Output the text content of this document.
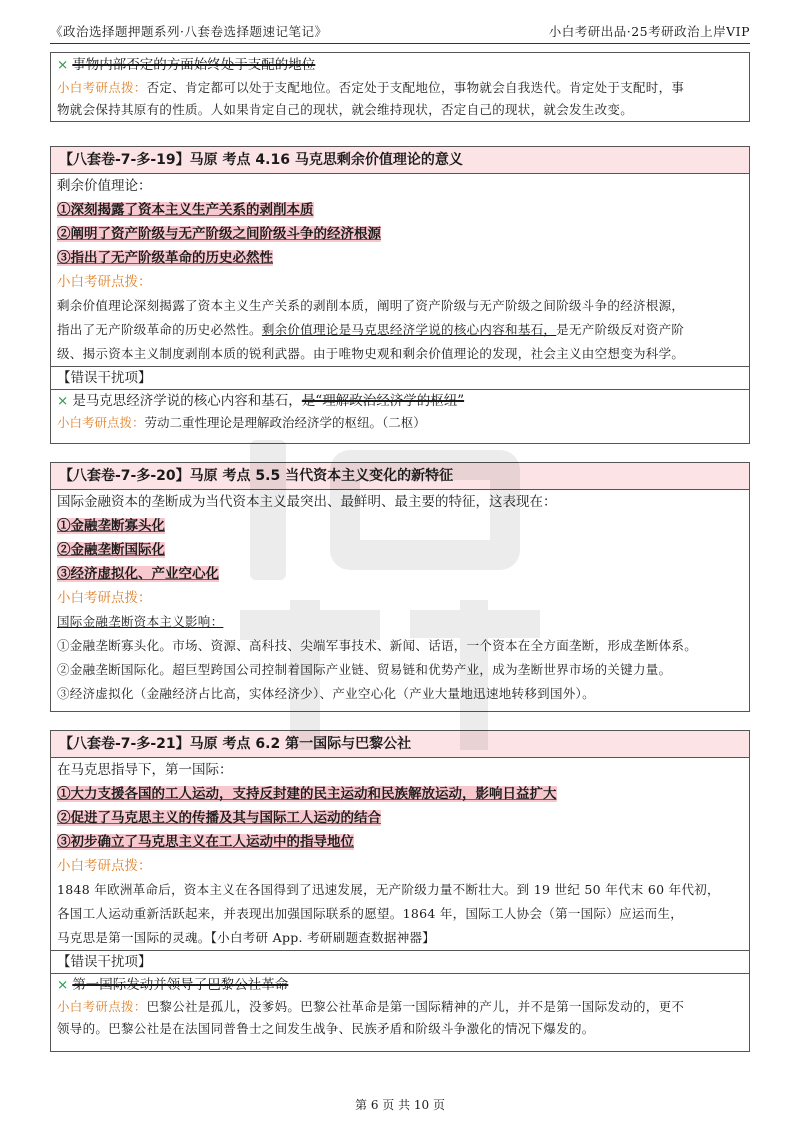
《政治选择题押题系列·八套卷选择题速记笔记》	小白考研出品·25考研政治上岸VIP
× 事物内部否定的方面始终处于支配的地位
小白考研点拨：否定、肯定都可以处于支配地位。否定处于支配地位，事物就会自我迭代。肯定处于支配时，事
物就会保持其原有的性质。人如果肯定自己的现状，就会维持现状，否定自己的现状，就会发生改变。
【八套卷-7-多-19】马原 考点 4.16 马克思剩余价值理论的意义
剩余价值理论：
①深刻揭露了资本主义生产关系的剥削本质
②阐明了资产阶级与无产阶级之间阶级斗争的经济根源
③指出了无产阶级革命的历史必然性
小白考研点拨：
剩余价值理论深刻揭露了资本主义生产关系的剥削本质，阐明了资产阶级与无产阶级之间阶级斗争的经济根源，
指出了无产阶级革命的历史必然性。剩余价值理论是马克思经济学说的核心内容和基石，是无产阶级反对资产阶
级、揭示资本主义制度剥削本质的锐利武器。由于唯物史观和剩余价值理论的发现，社会主义由空想变为科学。
【错误干扰项】
× 是马克思经济学说的核心内容和基石，是“理解政治经济学的枢纽”
小白考研点拨：劳动二重性理论是理解政治经济学的枢纽。（二枢）
【八套卷-7-多-20】马原 考点 5.5 当代资本主义变化的新特征
国际金融资本的垄断成为当代资本主义最突出、最鲜明、最主要的特征，这表现在：
①金融垄断寡头化
②金融垄断国际化
③经济虚拟化、产业空心化
小白考研点拨：
国际金融垄断资本主义影响：
①金融垄断寡头化。市场、资源、高科技、尖端军事技术、新闻、话语，一个资本在全方面垄断，形成垄断体系。
②金融垄断国际化。超巨型跨国公司控制着国际产业链、贸易链和优势产业，成为垄断世界市场的关键力量。
③经济虚拟化（金融经济占比高，实体经济少）、产业空心化（产业大量地迅速地转移到国外）。
【八套卷-7-多-21】马原 考点 6.2 第一国际与巴黎公社
在马克思指导下，第一国际：
①大力支援各国的工人运动，支持反封建的民主运动和民族解放运动，影响日益扩大
②促进了马克思主义的传播及其与国际工人运动的结合
③初步确立了马克思主义在工人运动中的指导地位
小白考研点拨：
1848 年欧洲革命后，资本主义在各国得到了迅速发展，无产阶级力量不断壮大。到 19 世纪 50 年代末 60 年代初，
各国工人运动重新活跃起来，并表现出加强国际联系的愿望。1864 年，国际工人协会（第一国际）应运而生，
马克思是第一国际的灵魂。【小白考研 App. 考研刷题查数据神器】
【错误干扰项】
× 第一国际发动并领导了巴黎公社革命
小白考研点拨：巴黎公社是孤儿，没爹妈。巴黎公社革命是第一国际精神的产儿，并不是第一国际发动的，更不
领导的。巴黎公社是在法国同普鲁士之间发生战争、民族矛盾和阶级斗争激化的情况下爆发的。
第 6 页 共 10 页
